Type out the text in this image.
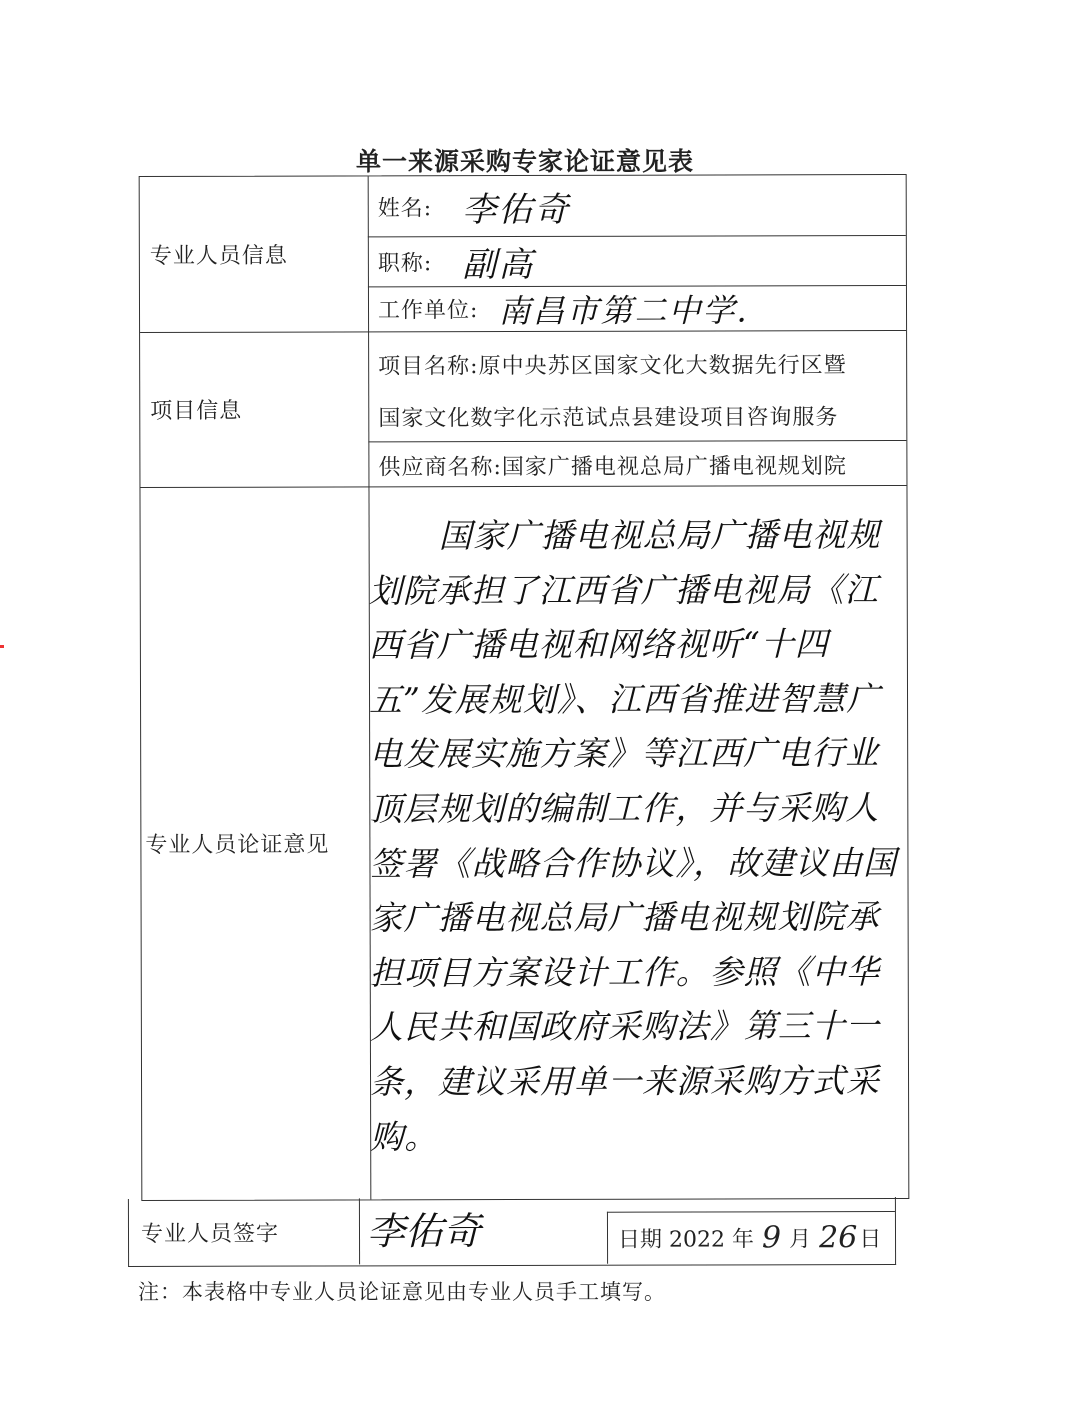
单一来源采购专家论证意见表
专业人员信息
姓名: 李佑奇
职称: 副高
工作单位: 南昌市第二中学.
项目信息
项目名称:原中央苏区国家文化大数据先行区暨
国家文化数字化示范试点县建设项目咨询服务
供应商名称:国家广播电视总局广播电视规划院
专业人员论证意见
国家广播电视总局广播电视规划院承担了江西省广播电视局《江西省广播电视和网络视听“十四五”发展规划》、江西省推进智慧广电发展实施方案》等江西广电行业顶层规划的编制工作，并与采购人签署《战略合作协议》，故建议由国家广播电视总局广播电视规划院承担项目方案设计工作。参照《中华人民共和国政府采购法》第三十一条，建议采用单一来源采购方式采购。
专业人员签字 李佑奇	日期 2022 年 9 月 26 日
注：本表格中专业人员论证意见由专业人员手工填写。
